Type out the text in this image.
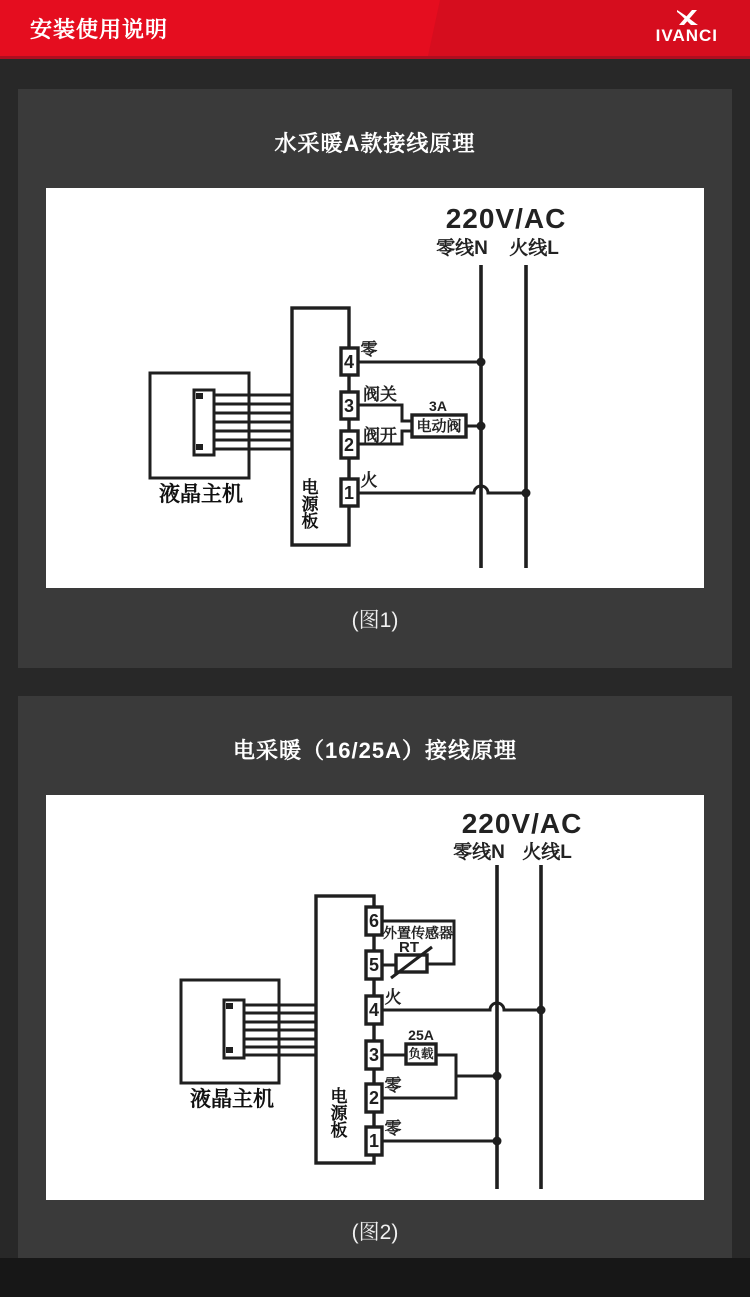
安装使用说明	IVANCI
水采暖A款接线原理
220V/AC
零线N 火线L
液晶主机	电源板
4
3
2
1
零
阀关
阀开
火
3A
电动阀
(图1)
电采暖（16/25A）接线原理
220V/AC
零线N 火线L
液晶主机	电源板
RT
外置传感器
火
25A
负载
零
零
6
5
4
3
2
1
(图2)
